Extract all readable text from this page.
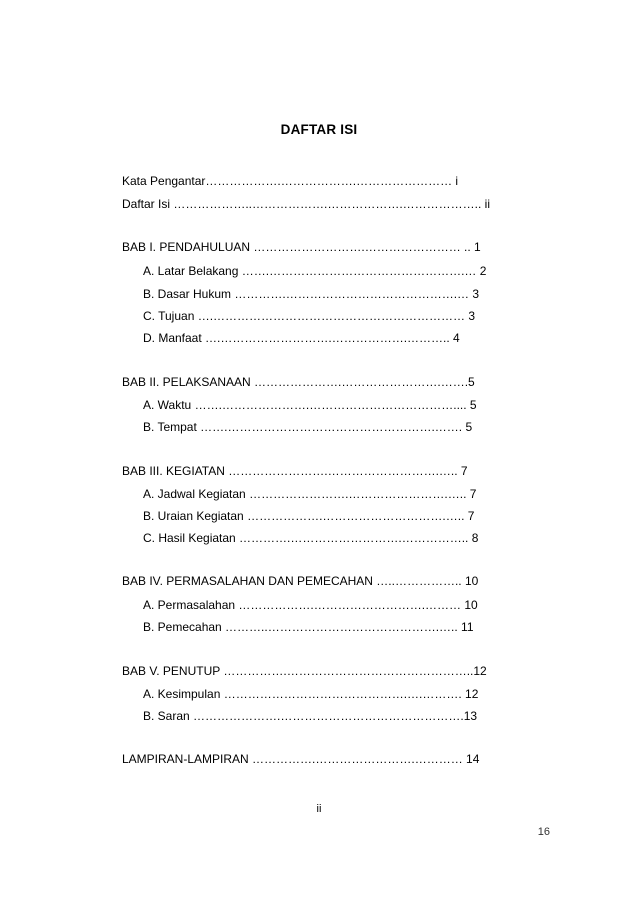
DAFTAR ISI
Kata Pengantar……………….……………….…………………… i
Daftar Isi ………………..……………….……………….……………….. ii
BAB I. PENDAHULUAN ……………………….…………………… .. 1
A. Latar Belakang …….………………………………………….… 2
B. Dasar Hukum ………….…………………………………….… 3
C. Tujuan ….……………………………………………………… 3
D. Manfaat ….……………………….……………….……….. 4
BAB II. PELAKSANAAN ………………….…………………….…….5
A. Waktu …….………………….……………………………….... 5
B. Tempat …….…………………………………………….……. 5
BAB III. KEGIATAN …………………….……………………….….. 7
A. Jadwal Kegiatan …………………….…………………….….. 7
B. Uraian Kegiatan ……………….………………………….….. 7
C. Hasil Kegiatan ………….……………………….…………….. 8
BAB IV. PERMASALAHAN DAN PEMECAHAN …..…………….. 10
A. Permasalahan ……………….……………………….……… 10
B. Pemecahan ………..…………………………………….….. 11
BAB V. PENUTUP …………….………………………………………..12
A. Kesimpulan ……………………………………….….………. 12
B. Saran ………………….……………………………………….13
LAMPIRAN-LAMPIRAN …………….…………………….………… 14
ii
16
